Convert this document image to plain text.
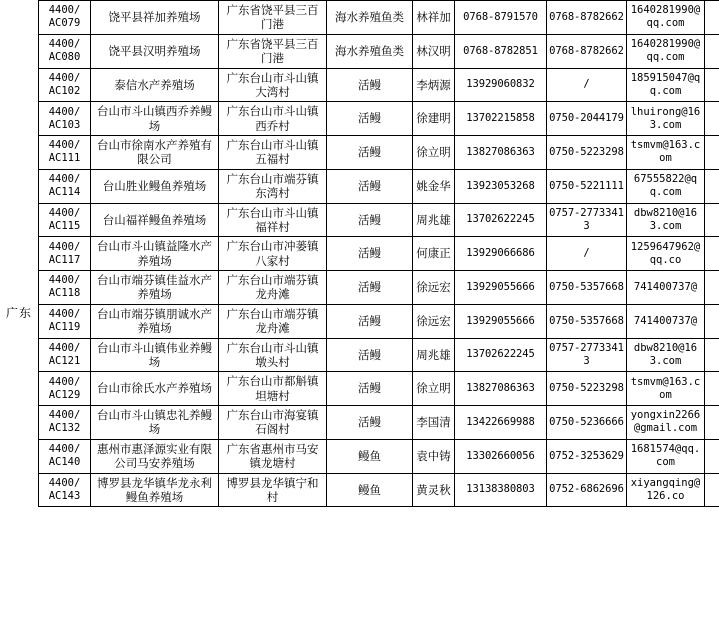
广东
4400/
AC079	饶平县祥加养殖场	广东省饶平县三百门港	海水养殖鱼类	林祥加	0768-8791570	0768-8782662	1640281990@qq.com	
4400/
AC080	饶平县汉明养殖场	广东省饶平县三百门港	海水养殖鱼类	林汉明	0768-8782851	0768-8782662	1640281990@qq.com	
4400/
AC102	泰信水产养殖场	广东台山市斗山镇大湾村	活鳗	李炳源	13929060832	/	185915047@qq.com	
4400/
AC103	台山市斗山镇西乔养鳗场	广东台山市斗山镇西乔村	活鳗	徐建明	13702215858	0750-2044179	lhuirong@163.com	
4400/
AC111	台山市徐南水产养殖有限公司	广东台山市斗山镇五福村	活鳗	徐立明	13827086363	0750-5223298	tsmvm@163.com	
4400/
AC114	台山胜业鳗鱼养殖场	广东台山市端芬镇东湾村	活鳗	姚金华	13923053268	0750-5221111	67555822@qq.com	
4400/
AC115	台山福祥鳗鱼养殖场	广东台山市斗山镇福祥村	活鳗	周兆雄	13702622245	0757-27733413	dbw8210@163.com	
4400/
AC117	台山市斗山镇益隆水产养殖场	广东台山市冲蒌镇八家村	活鳗	何康正	13929066686	/	1259647962@qq.co	
4400/
AC118	台山市端芬镇佳益水产养殖场	广东台山市端芬镇龙舟滩	活鳗	徐远宏	13929055666	0750-5357668	741400737@	
4400/
AC119	台山市端芬镇朋诚水产养殖场	广东台山市端芬镇龙舟滩	活鳗	徐远宏	13929055666	0750-5357668	741400737@	
4400/
AC121	台山市斗山镇伟业养鳗场	广东台山市斗山镇墩头村	活鳗	周兆雄	13702622245	0757-27733413	dbw8210@163.com	
4400/
AC129	台山市徐氏水产养殖场	广东台山市都斛镇坦塘村	活鳗	徐立明	13827086363	0750-5223298	tsmvm@163.com	
4400/
AC132	台山市斗山镇忠礼养鳗场	广东台山市海宴镇石阁村	活鳗	李国清	13422669988	0750-5236666	yongxin2266@gmail.com	
4400/
AC140	惠州市惠泽源实业有限公司马安养殖场	广东省惠州市马安镇龙塘村	鳗鱼	袁中铸	13302660056	0752-3253629	1681574@qq.com	
4400/
AC143	博罗县龙华镇华龙永利鳗鱼养殖场	博罗县龙华镇宁和村	鳗鱼	黄灵秋	13138380803	0752-6862696	xiyangqing@126.co	
